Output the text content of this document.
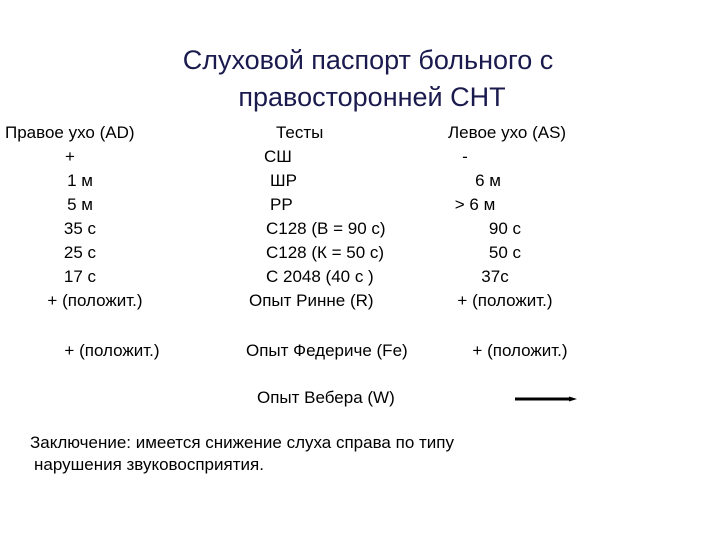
Слуховой паспорт больного с
правосторонней СНТ
Правое ухо (AD)	Тесты	Левое ухо (AS)
+	СШ	-
1 м	ШР	6 м
5 м	РР	> 6 м
35 с	С128 (В = 90 с)	90 с
25 с	С128 (К = 50 с)	50 с
17 с	С 2048 (40 с )	37с
+ (положит.)	Опыт Ринне (R)	+ (положит.)
+ (положит.)	Опыт Федериче (Fe)	+ (положит.)
Опыт Вебера (W)
Заключение: имеется снижение слуха справа по типу
нарушения звуковосприятия.
